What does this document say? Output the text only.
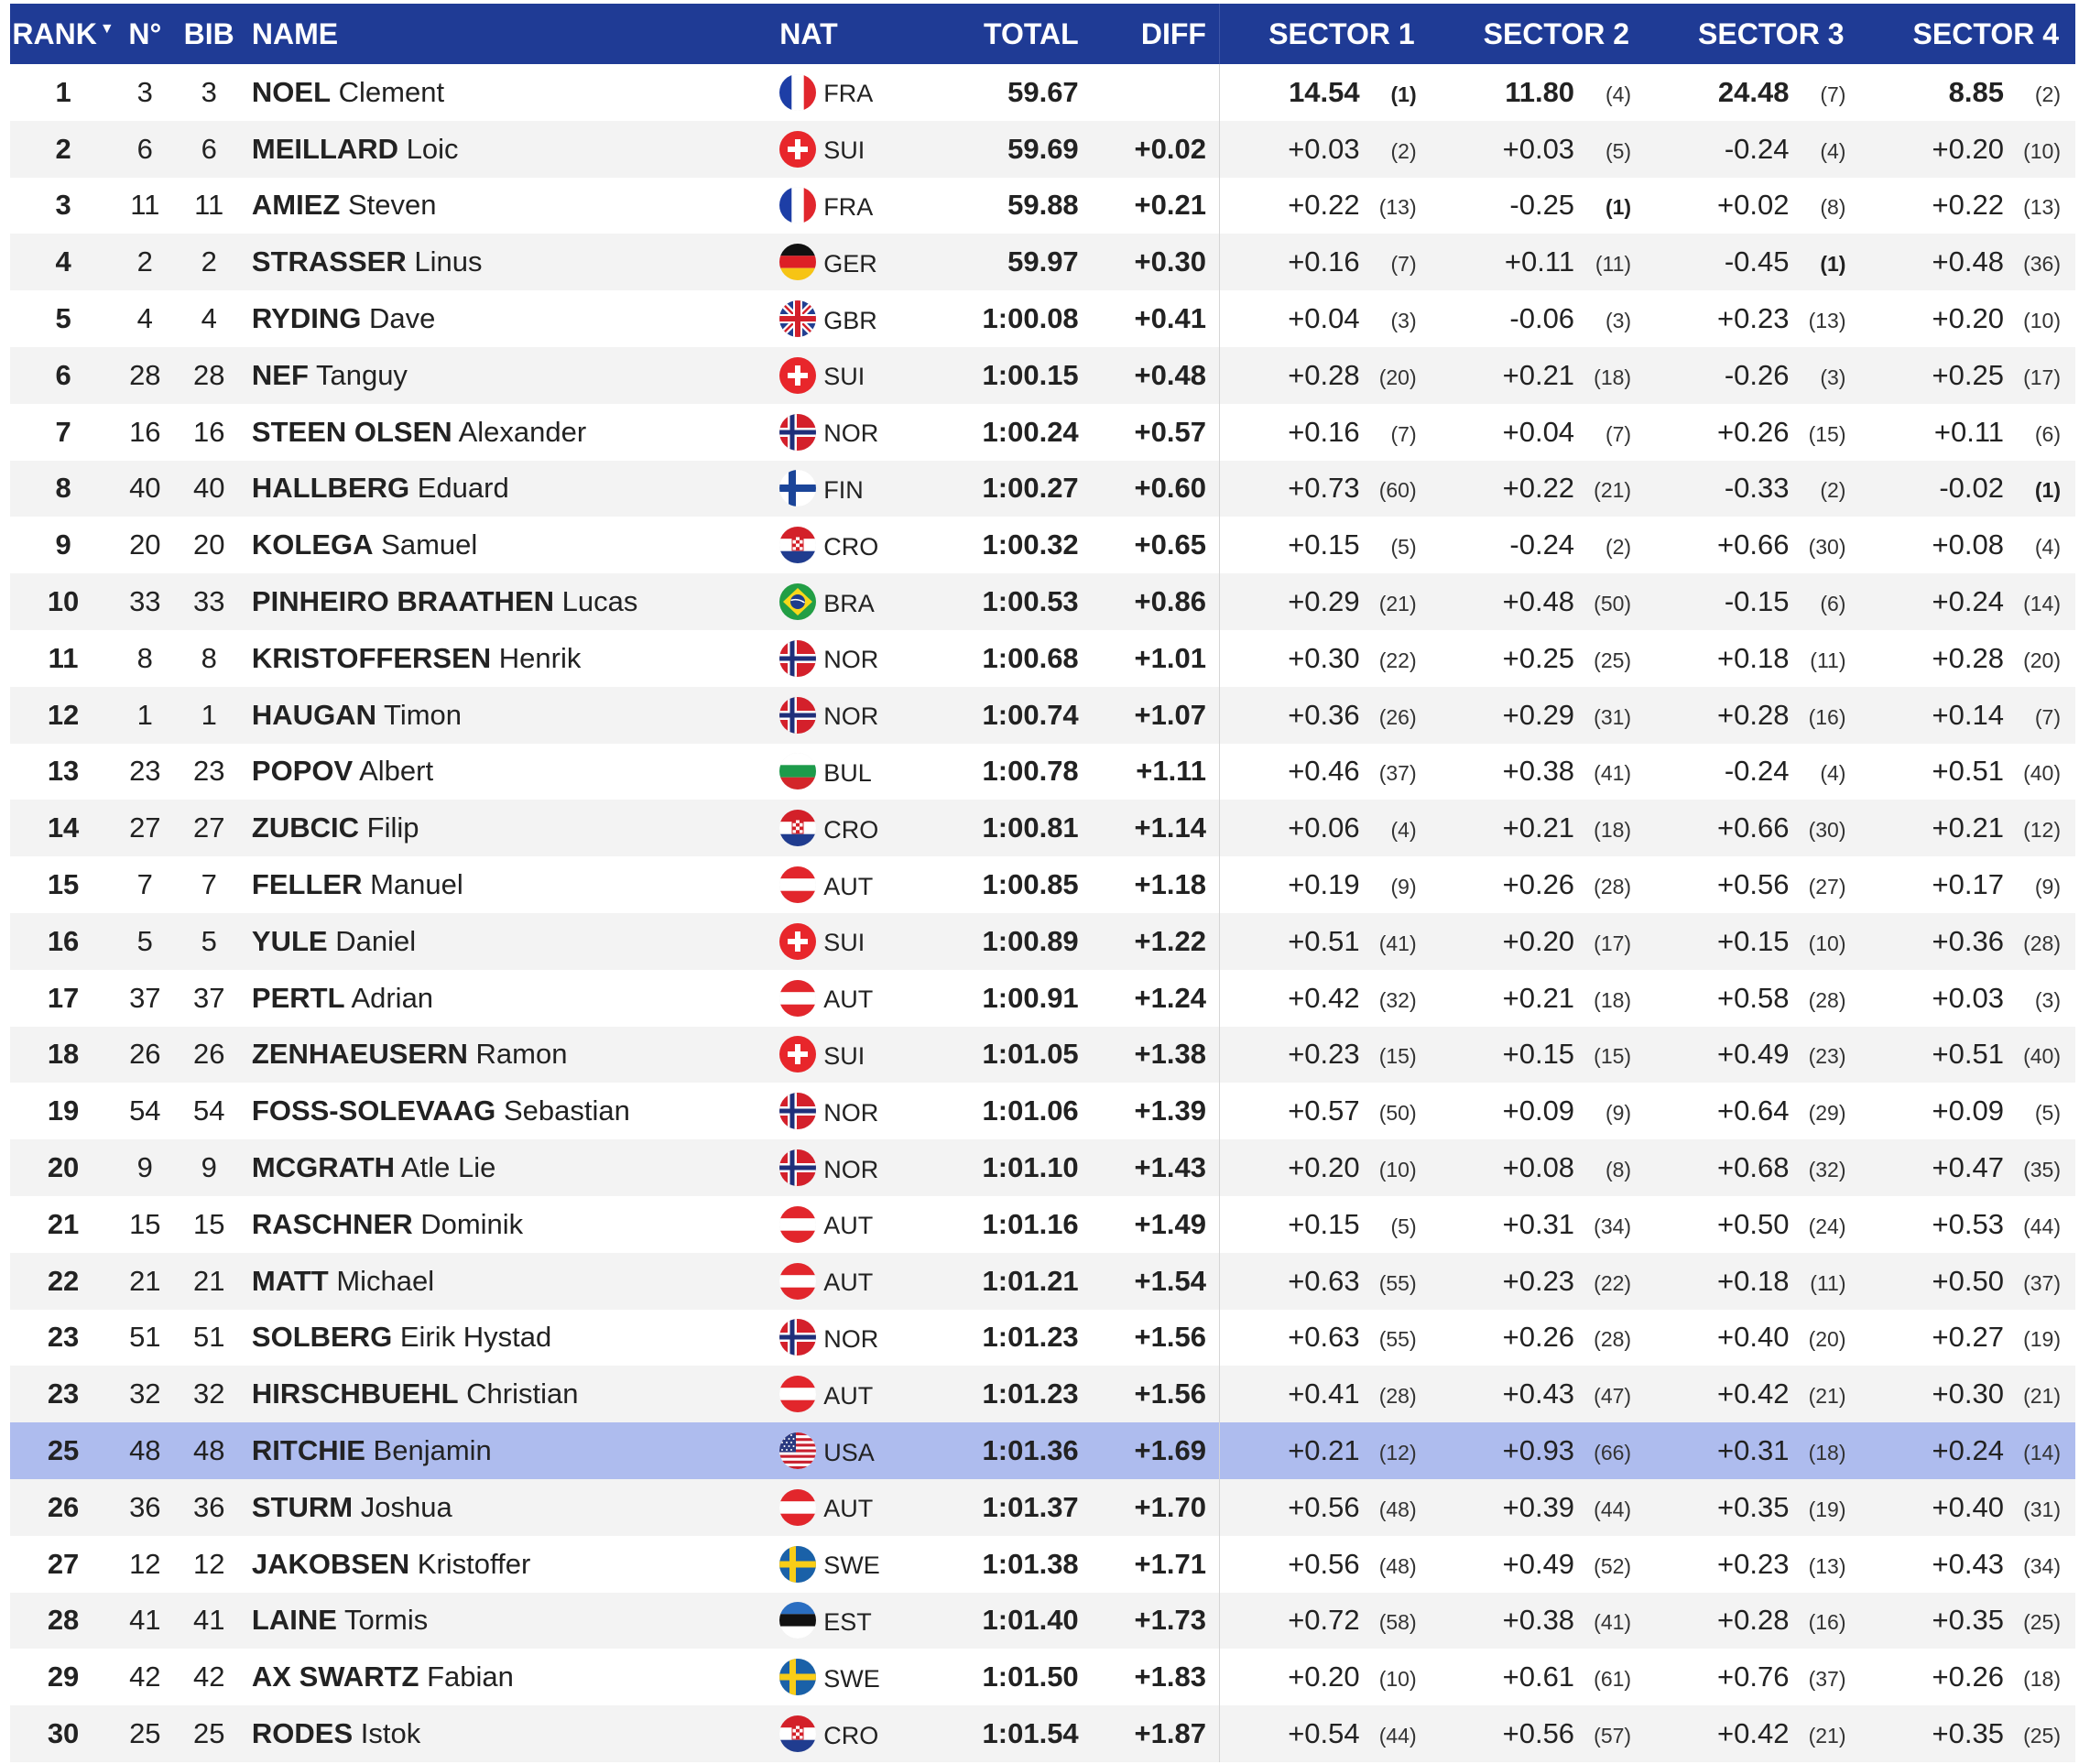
RANK ▼	N°	BIB	NAME	NAT	TOTAL	DIFF	SECTOR 1	SECTOR 2	SECTOR 3	SECTOR 4
1	3	3	NOEL Clement	FRA	59.67		14.54 (1)	11.80 (4)	24.48 (7)	8.85 (2)
2	6	6	MEILLARD Loic	SUI	59.69	+0.02	+0.03 (2)	+0.03 (5)	-0.24 (4)	+0.20 (10)
3	11	11	AMIEZ Steven	FRA	59.88	+0.21	+0.22 (13)	-0.25 (1)	+0.02 (8)	+0.22 (13)
4	2	2	STRASSER Linus	GER	59.97	+0.30	+0.16 (7)	+0.11 (11)	-0.45 (1)	+0.48 (36)
5	4	4	RYDING Dave	GBR	1:00.08	+0.41	+0.04 (3)	-0.06 (3)	+0.23 (13)	+0.20 (10)
6	28	28	NEF Tanguy	SUI	1:00.15	+0.48	+0.28 (20)	+0.21 (18)	-0.26 (3)	+0.25 (17)
7	16	16	STEEN OLSEN Alexander	NOR	1:00.24	+0.57	+0.16 (7)	+0.04 (7)	+0.26 (15)	+0.11 (6)
8	40	40	HALLBERG Eduard	FIN	1:00.27	+0.60	+0.73 (60)	+0.22 (21)	-0.33 (2)	-0.02 (1)
9	20	20	KOLEGA Samuel	CRO	1:00.32	+0.65	+0.15 (5)	-0.24 (2)	+0.66 (30)	+0.08 (4)
10	33	33	PINHEIRO BRAATHEN Lucas	BRA	1:00.53	+0.86	+0.29 (21)	+0.48 (50)	-0.15 (6)	+0.24 (14)
11	8	8	KRISTOFFERSEN Henrik	NOR	1:00.68	+1.01	+0.30 (22)	+0.25 (25)	+0.18 (11)	+0.28 (20)
12	1	1	HAUGAN Timon	NOR	1:00.74	+1.07	+0.36 (26)	+0.29 (31)	+0.28 (16)	+0.14 (7)
13	23	23	POPOV Albert	BUL	1:00.78	+1.11	+0.46 (37)	+0.38 (41)	-0.24 (4)	+0.51 (40)
14	27	27	ZUBCIC Filip	CRO	1:00.81	+1.14	+0.06 (4)	+0.21 (18)	+0.66 (30)	+0.21 (12)
15	7	7	FELLER Manuel	AUT	1:00.85	+1.18	+0.19 (9)	+0.26 (28)	+0.56 (27)	+0.17 (9)
16	5	5	YULE Daniel	SUI	1:00.89	+1.22	+0.51 (41)	+0.20 (17)	+0.15 (10)	+0.36 (28)
17	37	37	PERTL Adrian	AUT	1:00.91	+1.24	+0.42 (32)	+0.21 (18)	+0.58 (28)	+0.03 (3)
18	26	26	ZENHAEUSERN Ramon	SUI	1:01.05	+1.38	+0.23 (15)	+0.15 (15)	+0.49 (23)	+0.51 (40)
19	54	54	FOSS-SOLEVAAG Sebastian	NOR	1:01.06	+1.39	+0.57 (50)	+0.09 (9)	+0.64 (29)	+0.09 (5)
20	9	9	MCGRATH Atle Lie	NOR	1:01.10	+1.43	+0.20 (10)	+0.08 (8)	+0.68 (32)	+0.47 (35)
21	15	15	RASCHNER Dominik	AUT	1:01.16	+1.49	+0.15 (5)	+0.31 (34)	+0.50 (24)	+0.53 (44)
22	21	21	MATT Michael	AUT	1:01.21	+1.54	+0.63 (55)	+0.23 (22)	+0.18 (11)	+0.50 (37)
23	51	51	SOLBERG Eirik Hystad	NOR	1:01.23	+1.56	+0.63 (55)	+0.26 (28)	+0.40 (20)	+0.27 (19)
23	32	32	HIRSCHBUEHL Christian	AUT	1:01.23	+1.56	+0.41 (28)	+0.43 (47)	+0.42 (21)	+0.30 (21)
25	48	48	RITCHIE Benjamin	USA	1:01.36	+1.69	+0.21 (12)	+0.93 (66)	+0.31 (18)	+0.24 (14)
26	36	36	STURM Joshua	AUT	1:01.37	+1.70	+0.56 (48)	+0.39 (44)	+0.35 (19)	+0.40 (31)
27	12	12	JAKOBSEN Kristoffer	SWE	1:01.38	+1.71	+0.56 (48)	+0.49 (52)	+0.23 (13)	+0.43 (34)
28	41	41	LAINE Tormis	EST	1:01.40	+1.73	+0.72 (58)	+0.38 (41)	+0.28 (16)	+0.35 (25)
29	42	42	AX SWARTZ Fabian	SWE	1:01.50	+1.83	+0.20 (10)	+0.61 (61)	+0.76 (37)	+0.26 (18)
30	25	25	RODES Istok	CRO	1:01.54	+1.87	+0.54 (44)	+0.56 (57)	+0.42 (21)	+0.35 (25)
